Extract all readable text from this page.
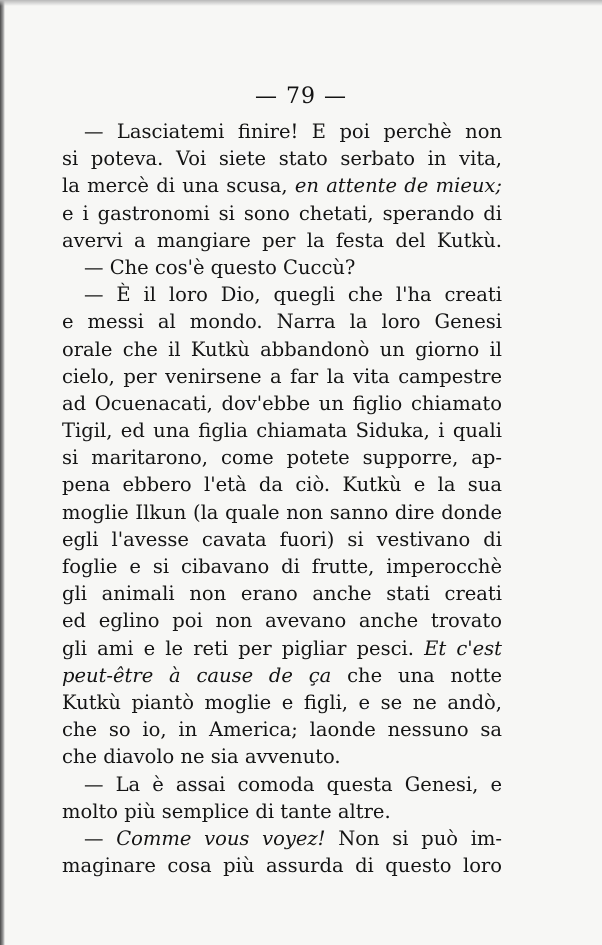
— 79 —
— Lasciatemi finire! E poi perchè non
si poteva. Voi siete stato serbato in vita,
la mercè di una scusa, en attente de mieux;
e i gastronomi si sono chetati, sperando di
avervi a mangiare per la festa del Kutkù.
— Che cos'è questo Cuccù?
— È il loro Dio, quegli che l'ha creati
e messi al mondo. Narra la loro Genesi
orale che il Kutkù abbandonò un giorno il
cielo, per venirsene a far la vita campestre
ad Ocuenacati, dov'ebbe un figlio chiamato
Tigil, ed una figlia chiamata Siduka, i quali
si maritarono, come potete supporre, ap-
pena ebbero l'età da ciò. Kutkù e la sua
moglie Ilkun (la quale non sanno dire donde
egli l'avesse cavata fuori) si vestivano di
foglie e si cibavano di frutte, imperocchè
gli animali non erano anche stati creati
ed eglino poi non avevano anche trovato
gli ami e le reti per pigliar pesci. Et c'est
peut-être à cause de ça che una notte
Kutkù piantò moglie e figli, e se ne andò,
che so io, in America; laonde nessuno sa
che diavolo ne sia avvenuto.
— La è assai comoda questa Genesi, e
molto più semplice di tante altre.
— Comme vous voyez! Non si può im-
maginare cosa più assurda di questo loro
